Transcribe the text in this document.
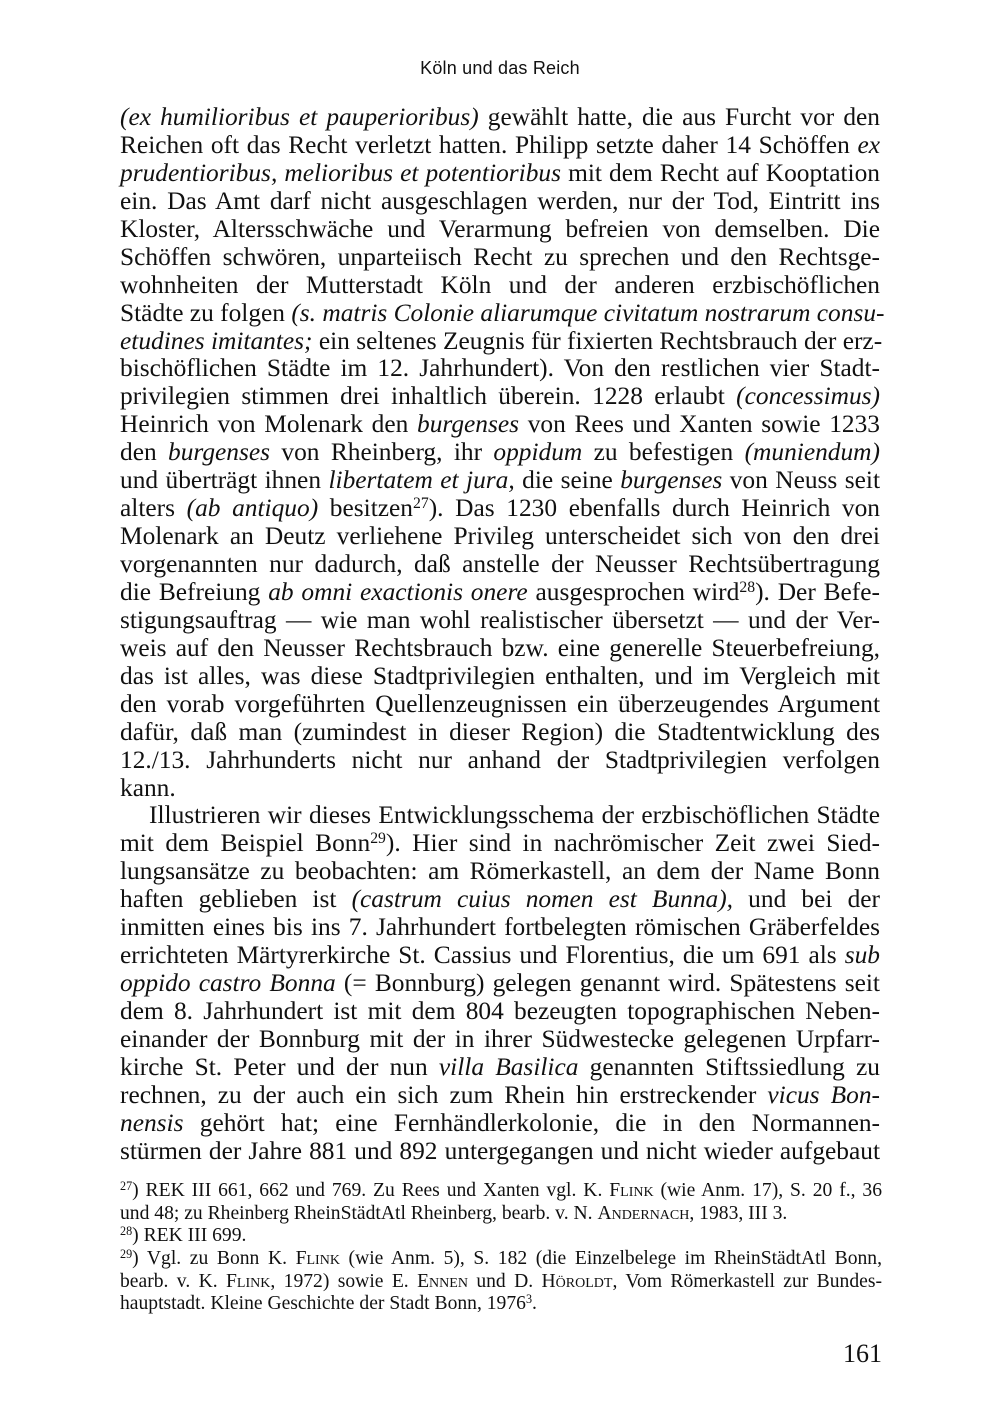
Köln und das Reich
(ex humilioribus et pauperioribus) gewählt hatte, die aus Furcht vor den
Reichen oft das Recht verletzt hatten. Philipp setzte daher 14 Schöffen ex
prudentioribus, melioribus et potentioribus mit dem Recht auf Kooptation
ein. Das Amt darf nicht ausgeschlagen werden, nur der Tod, Eintritt ins
Kloster, Altersschwäche und Verarmung befreien von demselben. Die
Schöffen schwören, unparteiisch Recht zu sprechen und den Rechtsge-
wohnheiten der Mutterstadt Köln und der anderen erzbischöflichen
Städte zu folgen (s. matris Colonie aliarumque civitatum nostrarum consu-
etudines imitantes; ein seltenes Zeugnis für fixierten Rechtsbrauch der erz-
bischöflichen Städte im 12. Jahrhundert). Von den restlichen vier Stadt-
privilegien stimmen drei inhaltlich überein. 1228 erlaubt (concessimus)
Heinrich von Molenark den burgenses von Rees und Xanten sowie 1233
den burgenses von Rheinberg, ihr oppidum zu befestigen (muniendum)
und überträgt ihnen libertatem et jura, die seine burgenses von Neuss seit
alters (ab antiquo) besitzen$^{27}$). Das 1230 ebenfalls durch Heinrich von
Molenark an Deutz verliehene Privileg unterscheidet sich von den drei
vorgenannten nur dadurch, daß anstelle der Neusser Rechtsübertragung
die Befreiung ab omni exactionis onere ausgesprochen wird$^{28}$). Der Befe-
stigungsauftrag — wie man wohl realistischer übersetzt — und der Ver-
weis auf den Neusser Rechtsbrauch bzw. eine generelle Steuerbefreiung,
das ist alles, was diese Stadtprivilegien enthalten, und im Vergleich mit
den vorab vorgeführten Quellenzeugnissen ein überzeugendes Argument
dafür, daß man (zumindest in dieser Region) die Stadtentwicklung des
12./13. Jahrhunderts nicht nur anhand der Stadtprivilegien verfolgen
kann.
Illustrieren wir dieses Entwicklungsschema der erzbischöflichen Städte
mit dem Beispiel Bonn$^{29}$). Hier sind in nachrömischer Zeit zwei Sied-
lungsansätze zu beobachten: am Römerkastell, an dem der Name Bonn
haften geblieben ist (castrum cuius nomen est Bunna), und bei der
inmitten eines bis ins 7. Jahrhundert fortbelegten römischen Gräberfeldes
errichteten Märtyrerkirche St. Cassius und Florentius, die um 691 als sub
oppido castro Bonna (= Bonnburg) gelegen genannt wird. Spätestens seit
dem 8. Jahrhundert ist mit dem 804 bezeugten topographischen Neben-
einander der Bonnburg mit der in ihrer Südwestecke gelegenen Urpfarr-
kirche St. Peter und der nun villa Basilica genannten Stiftssiedlung zu
rechnen, zu der auch ein sich zum Rhein hin erstreckender vicus Bon-
nensis gehört hat; eine Fernhändlerkolonie, die in den Normannen-
stürmen der Jahre 881 und 892 untergegangen und nicht wieder aufgebaut
$^{27}$) REK III 661, 662 und 769. Zu Rees und Xanten vgl. K. Flink (wie Anm. 17), S. 20 f., 36
und 48; zu Rheinberg RheinStädtAtl Rheinberg, bearb. v. N. Andernach, 1983, III 3.
$^{28}$) REK III 699.
$^{29}$) Vgl. zu Bonn K. Flink (wie Anm. 5), S. 182 (die Einzelbelege im RheinStädtAtl Bonn,
bearb. v. K. Flink, 1972) sowie E. Ennen und D. Höroldt, Vom Römerkastell zur Bundes-
hauptstadt. Kleine Geschichte der Stadt Bonn, 1976$^3$.
161
